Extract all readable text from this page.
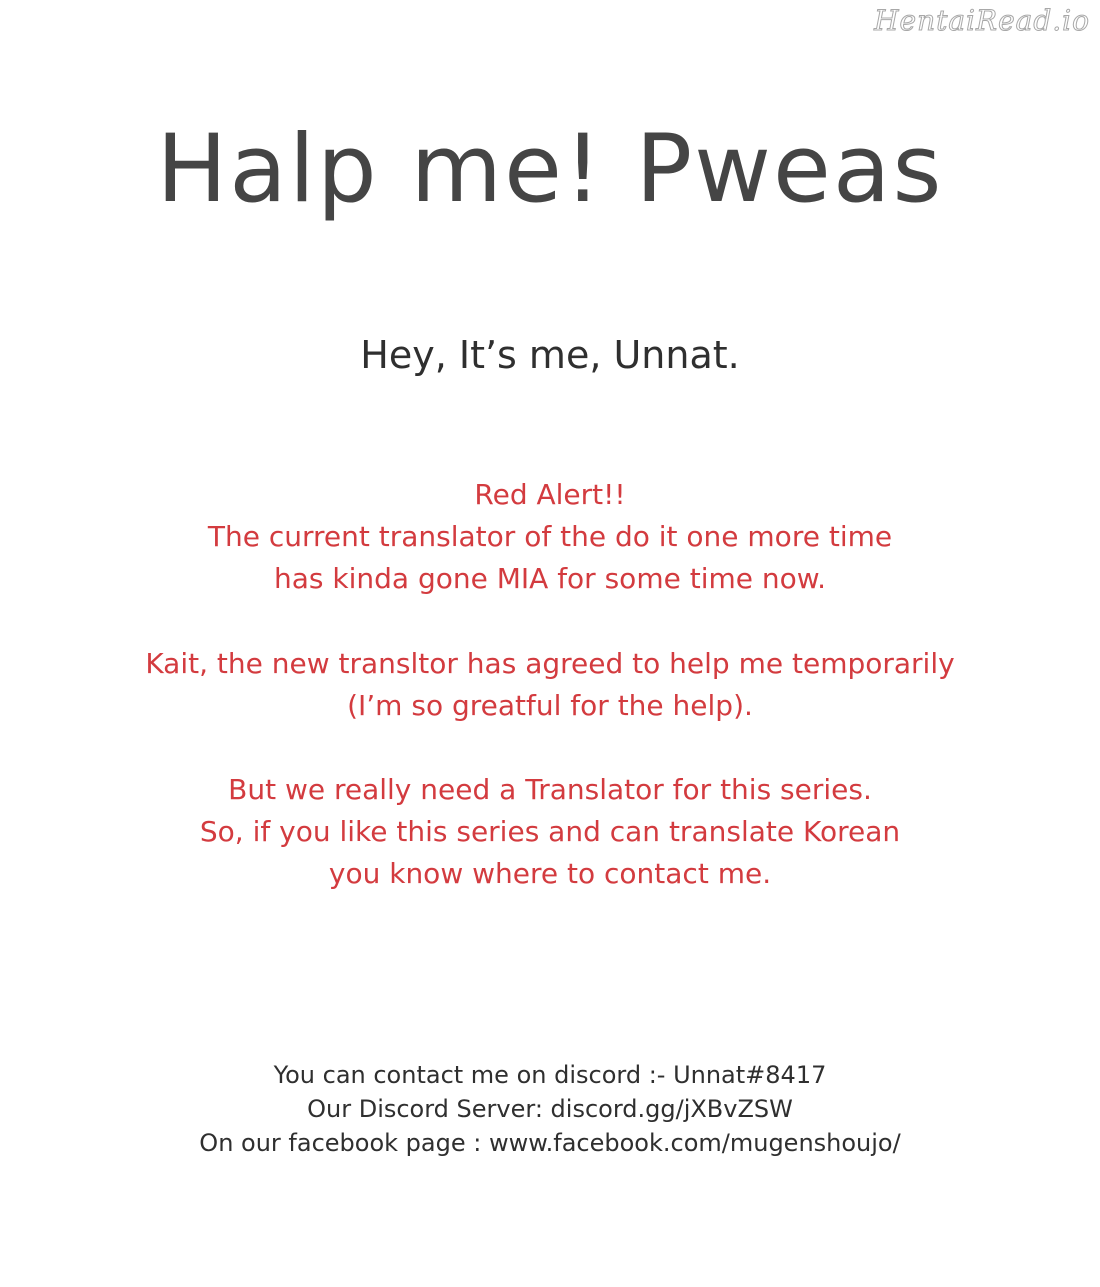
HentaiRead.io
Halp me! Pweas
Hey, It’s me, Unnat.
Red Alert!!
The current translator of the do it one more time
has kinda gone MIA for some time now.
Kait, the new transltor has agreed to help me temporarily
(I’m so greatful for the help).
But we really need a Translator for this series.
So, if you like this series and can translate Korean
you know where to contact me.
You can contact me on discord :- Unnat#8417
Our Discord Server: discord.gg/jXBvZSW
On our facebook page : www.facebook.com/mugenshoujo/
